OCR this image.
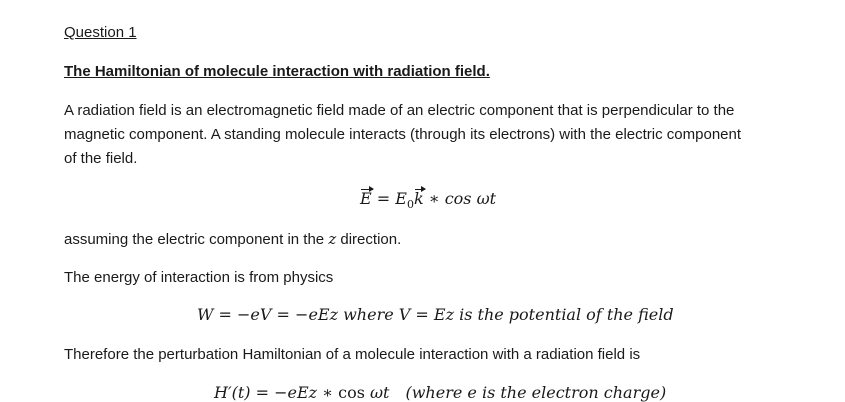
Question 1
The Hamiltonian of molecule interaction with radiation field.
A radiation field is an electromagnetic field made of an electric component that is perpendicular to the
magnetic component. A standing molecule interacts (through its electrons) with the electric component
of the field.
$E = E_0k$ ∗ cos ωt
assuming the electric component in the z direction.
The energy of interaction is from physics
W = −eV = −eEz where V = Ez is the potential of the field
Therefore the perturbation Hamiltonian of a molecule interaction with a radiation field is
H′(t) = −eEz ∗ cos ωt (where e is the electron charge)
